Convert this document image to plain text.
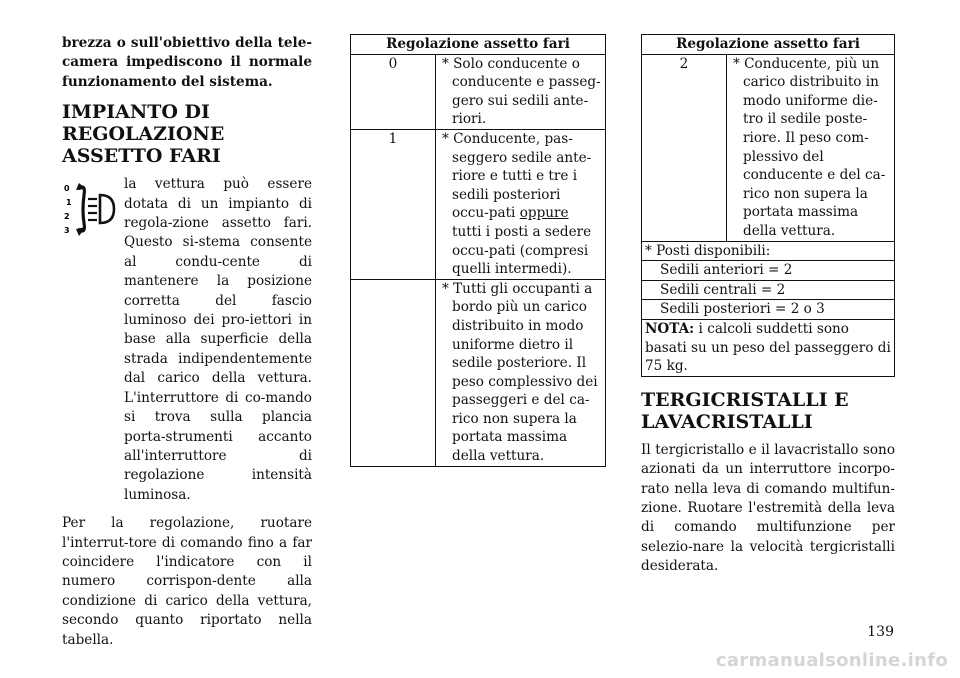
brezza o sull'obiettivo della tele-camera impediscono il normale funzionamento del sistema.

IMPIANTO DI REGOLAZIONE ASSETTO FARI
0
1
2
3

la vettura può essere dotata di un impianto di regola-zione assetto fari. Questo si-stema consente al condu-cente di mantenere la posizione corretta del fascio luminoso dei pro-iettori in base alla superficie della strada indipendentemente dal carico della vettura. L'interruttore di co-mando si trova sulla plancia porta-strumenti accanto all'interruttore di regolazione intensità luminosa.

Per la regolazione, ruotare l'interrut-tore di comando fino a far coincidere l'indicatore con il numero corrispon-dente alla condizione di carico della vettura, secondo quanto riportato nella tabella.

Regolazione assetto fari	
0	* Solo conducente o conducente e passeg-gero sui sedili ante-riori.

1	* Conducente, pas-seggero sedile ante-riore e tutti e tre i sedili posteriori occu-pati oppure tutti i posti a sedere occu-pati (compresi quelli intermedi).

	* Tutti gli occupanti a bordo più un carico distribuito in modo uniforme dietro il sedile posteriore. Il peso complessivo dei passeggeri e del ca-rico non supera la portata massima della vettura.
Regolazione assetto fari
2	* Conducente, più un carico distribuito in modo uniforme die-tro il sedile poste-riore. Il peso com-plessivo del conducente e del ca-rico non supera la portata massima della vettura.

* Posti disponibili:
Sedili anteriori = 2
Sedili centrali = 2
Sedili posteriori = 2 o 3
NOTA: i calcoli suddetti sono basati su un peso del passeggero di 75 kg.
TERGICRISTALLI E LAVACRISTALLI

Il tergicristallo e il lavacristallo sono azionati da un interruttore incorpo-rato nella leva di comando multifun-zione. Ruotare l'estremità della leva di comando multifunzione per selezio-nare la velocità tergicristalli desiderata.

139
carmanualsonline.info
